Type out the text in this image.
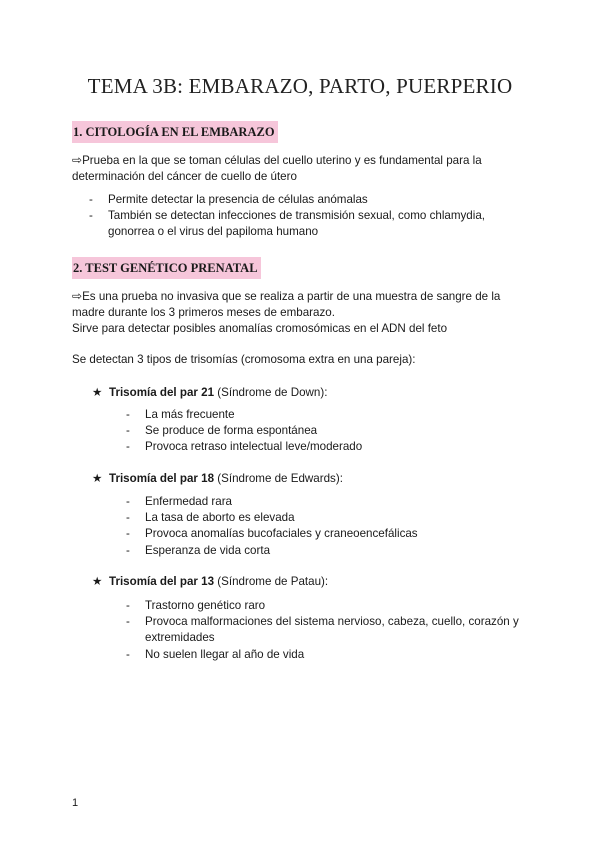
TEMA 3B: EMBARAZO, PARTO, PUERPERIO
1. CITOLOGÍA EN EL EMBARAZO
⇨Prueba en la que se toman células del cuello uterino y es fundamental para la determinación del cáncer de cuello de útero
- Permite detectar la presencia de células anómalas
- También se detectan infecciones de transmisión sexual, como chlamydia, gonorrea o el virus del papiloma humano
2. TEST GENÉTICO PRENATAL
⇨Es una prueba no invasiva que se realiza a partir de una muestra de sangre de la madre durante los 3 primeros meses de embarazo.
Sirve para detectar posibles anomalías cromosómicas en el ADN del feto
Se detectan 3 tipos de trisomías (cromosoma extra en una pareja):
★ Trisomía del par 21 (Síndrome de Down):
- La más frecuente
- Se produce de forma espontánea
- Provoca retraso intelectual leve/moderado
★ Trisomía del par 18 (Síndrome de Edwards):
- Enfermedad rara
- La tasa de aborto es elevada
- Provoca anomalías bucofaciales y craneoencefálicas
- Esperanza de vida corta
★ Trisomía del par 13 (Síndrome de Patau):
- Trastorno genético raro
- Provoca malformaciones del sistema nervioso, cabeza, cuello, corazón y extremidades
- No suelen llegar al año de vida
1
